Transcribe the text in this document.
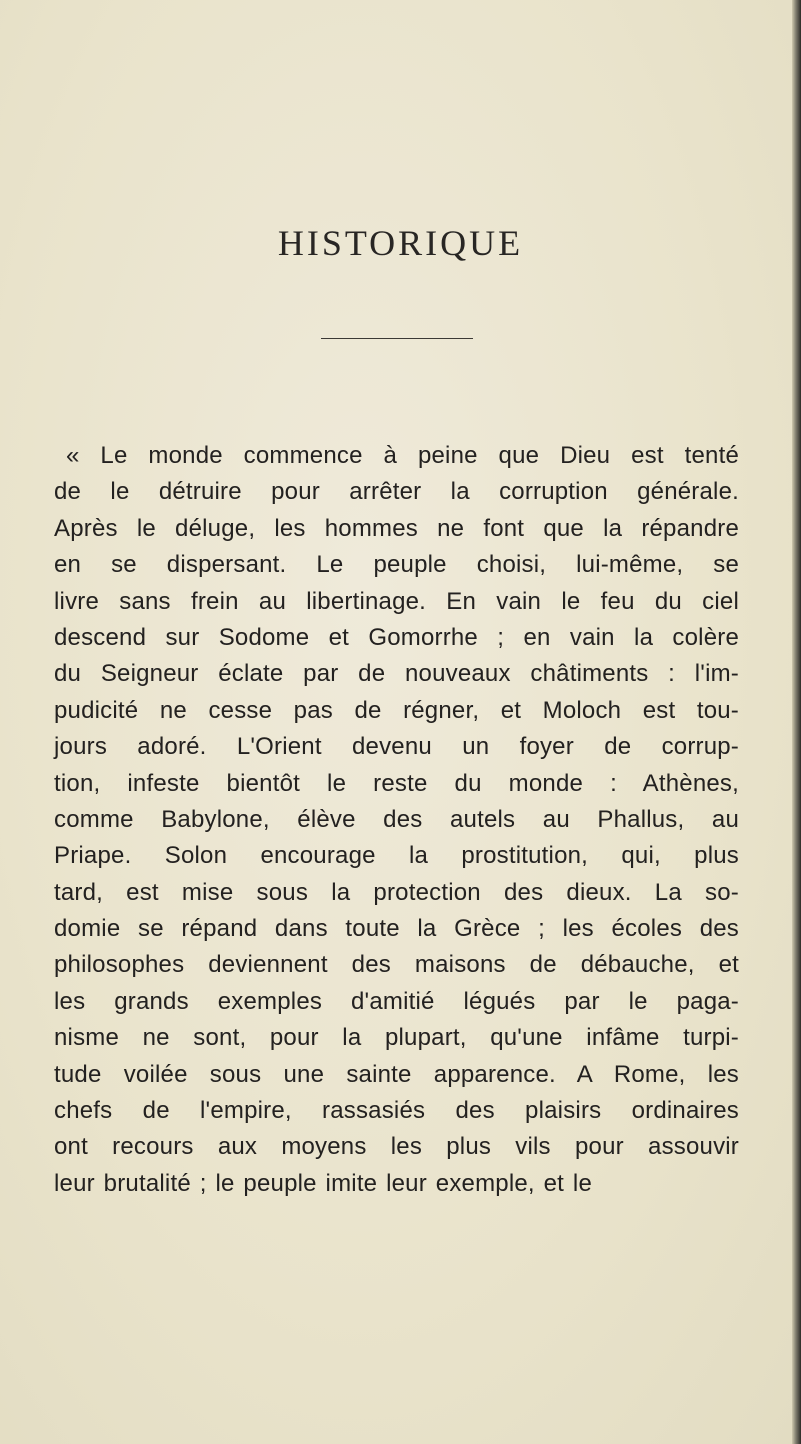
HISTORIQUE
« Le monde commence à peine que Dieu est tenté
de le détruire pour arrêter la corruption générale.
Après le déluge, les hommes ne font que la répandre
en se dispersant. Le peuple choisi, lui-même, se
livre sans frein au libertinage. En vain le feu du ciel
descend sur Sodome et Gomorrhe ; en vain la colère
du Seigneur éclate par de nouveaux châtiments : l'im-
pudicité ne cesse pas de régner, et Moloch est tou-
jours adoré. L'Orient devenu un foyer de corrup-
tion, infeste bientôt le reste du monde : Athènes,
comme Babylone, élève des autels au Phallus, au
Priape. Solon encourage la prostitution, qui, plus
tard, est mise sous la protection des dieux. La so-
domie se répand dans toute la Grèce ; les écoles des
philosophes deviennent des maisons de débauche, et
les grands exemples d'amitié légués par le paga-
nisme ne sont, pour la plupart, qu'une infâme turpi-
tude voilée sous une sainte apparence. A Rome, les
chefs de l'empire, rassasiés des plaisirs ordinaires
ont recours aux moyens les plus vils pour assouvir
leur brutalité ; le peuple imite leur exemple, et le
